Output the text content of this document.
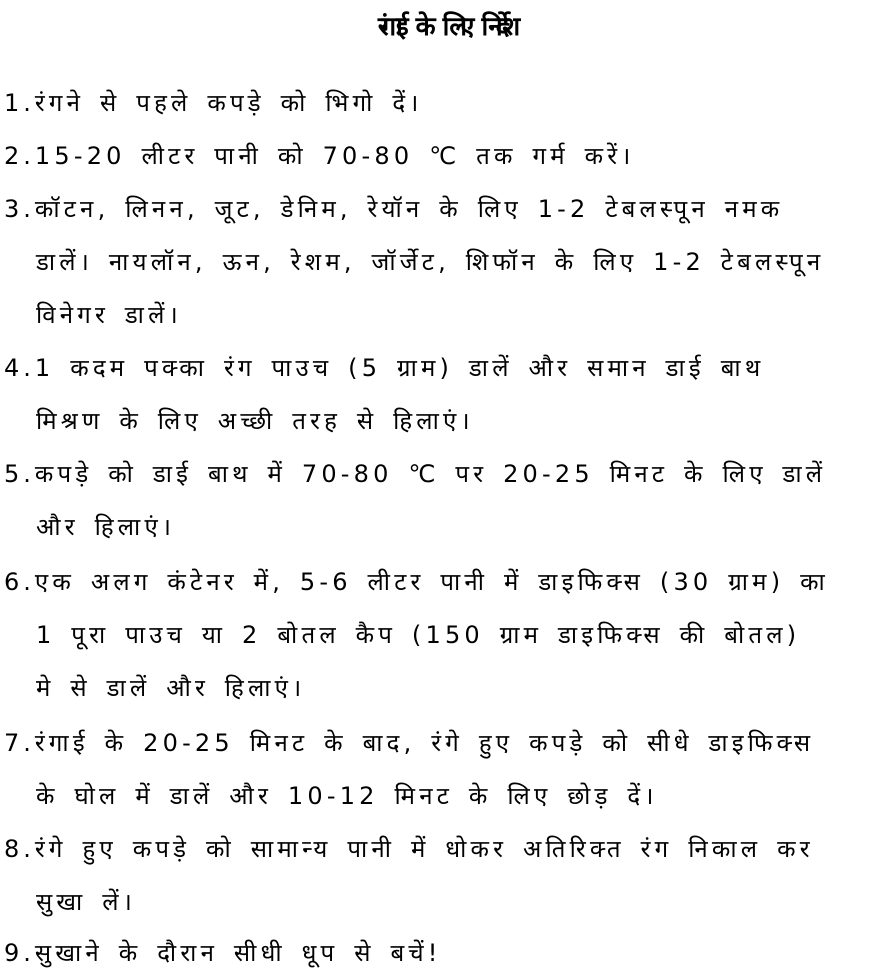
रंगाई के लिए निर्देश
1.रंगने से पहले कपड़े को भिगो दें।
2.15-20 लीटर पानी को 70-80 ℃ तक गर्म करें।
3.कॉटन, लिनन, जूट, डेनिम, रेयॉन के लिए 1-2 टेबलस्पून नमक
डालें। नायलॉन, ऊन, रेशम, जॉर्जेट, शिफॉन के लिए 1-2 टेबलस्पून
विनेगर डालें।
4.1 कदम पक्का रंग पाउच (5 ग्राम) डालें और समान डाई बाथ
मिश्रण के लिए अच्छी तरह से हिलाएं।
5.कपड़े को डाई बाथ में 70-80 ℃ पर 20-25 मिनट के लिए डालें
और हिलाएं।
6.एक अलग कंटेनर में, 5-6 लीटर पानी में डाइफिक्स (30 ग्राम) का
1 पूरा पाउच या 2 बोतल कैप (150 ग्राम डाइफिक्स की बोतल)
मे से डालें और हिलाएं।
7.रंगाई के 20-25 मिनट के बाद, रंगे हुए कपड़े को सीधे डाइफिक्स
के घोल में डालें और 10-12 मिनट के लिए छोड़ दें।
8.रंगे हुए कपड़े को सामान्य पानी में धोकर अतिरिक्त रंग निकाल कर
सुखा लें।
9.सुखाने के दौरान सीधी धूप से बचें!
